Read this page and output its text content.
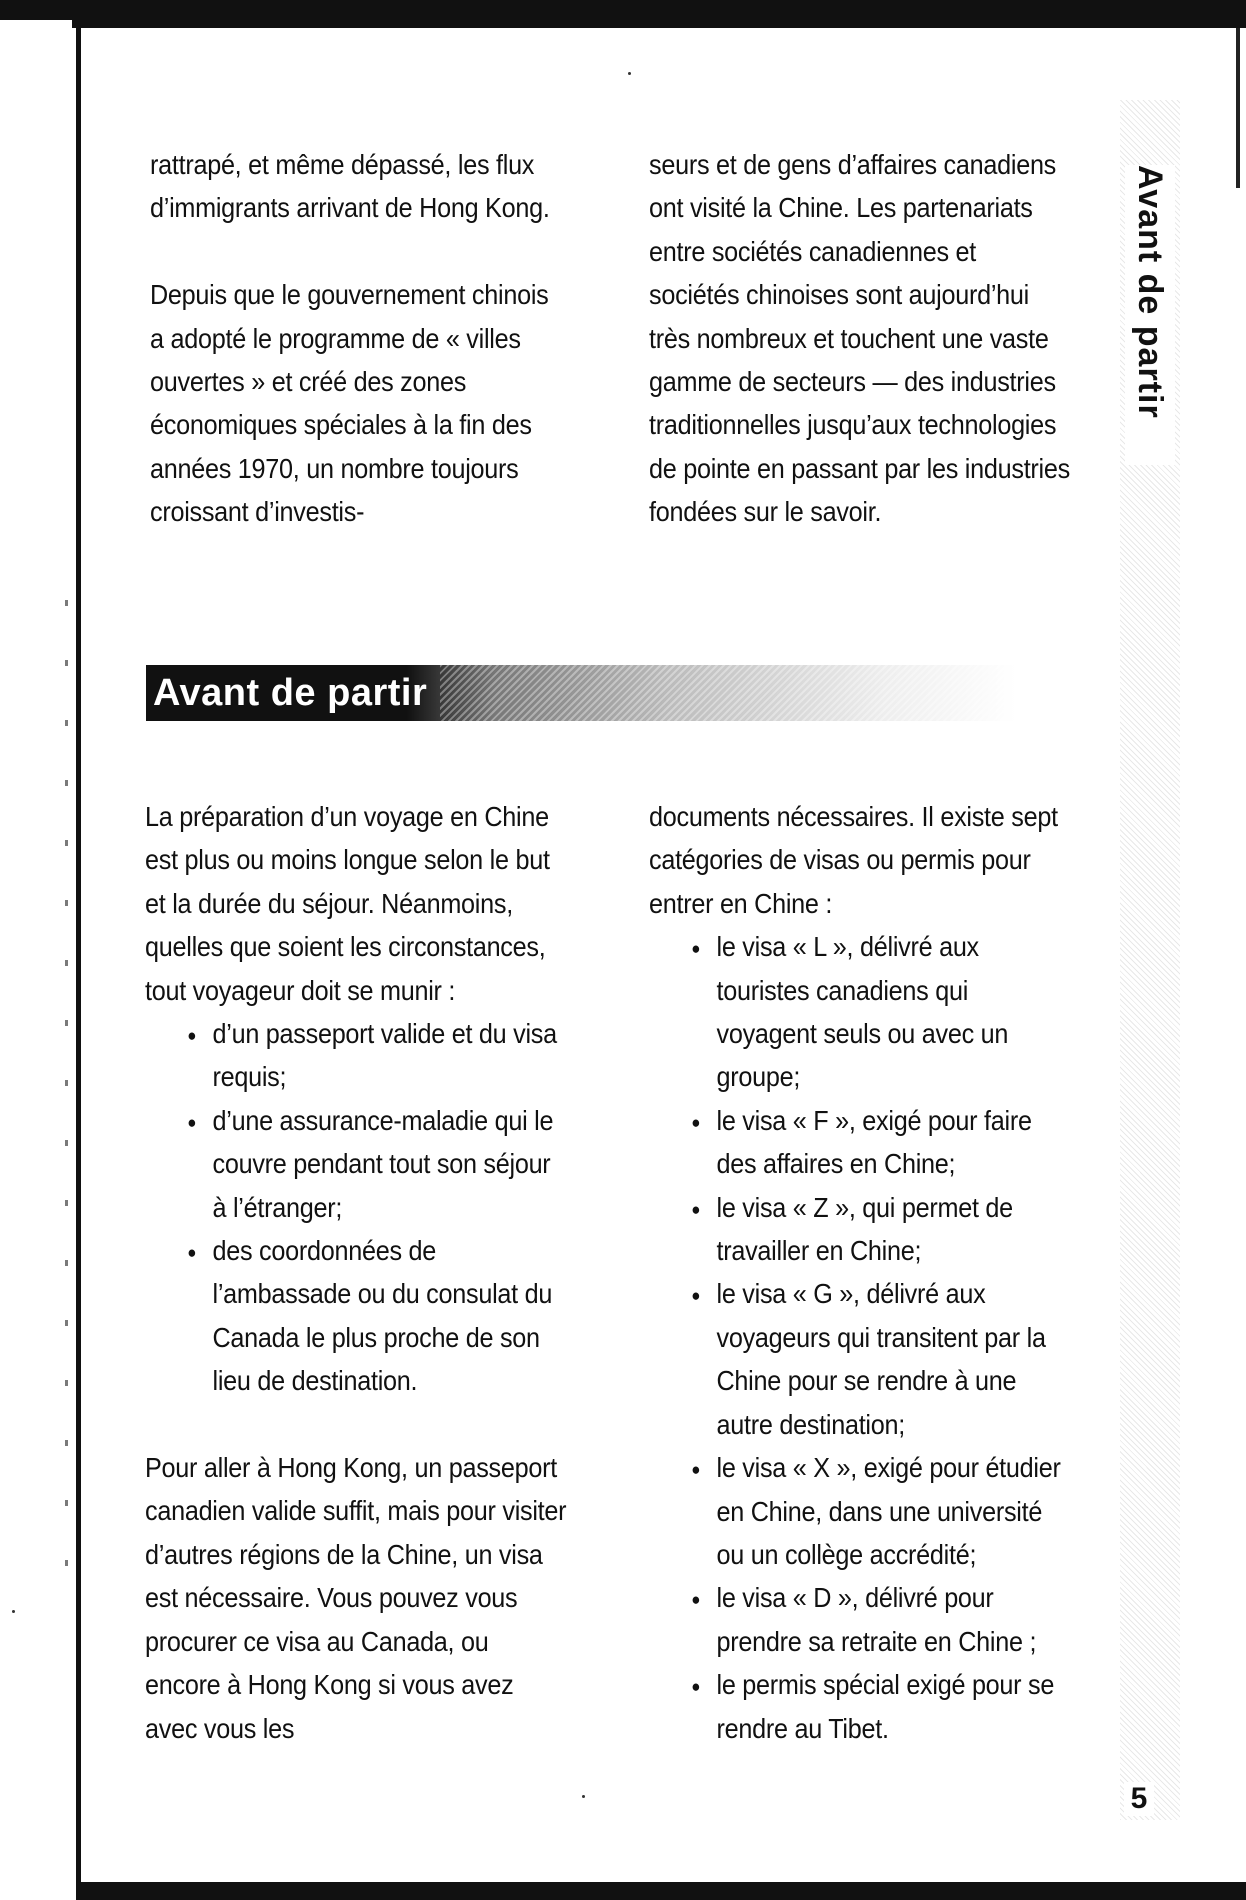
Avant de partir
5

rattrapé, et même dépassé, les flux d’immigrants arrivant de Hong Kong.

Depuis que le gouvernement chinois a adopté le programme de « villes ouvertes » et créé des zones économiques spéciales à la fin des années 1970, un nombre toujours croissant d’investis-

seurs et de gens d’affaires canadiens ont visité la Chine. Les partenariats entre sociétés canadiennes et sociétés chinoises sont aujourd’hui très nombreux et touchent une vaste gamme de secteurs — des industries traditionnelles jusqu’aux technologies de pointe en passant par les industries fondées sur le savoir.

Avant de partir

La préparation d’un voyage en Chine est plus ou moins longue selon le but et la durée du séjour. Néanmoins, quelles que soient les circonstances, tout voyageur doit se munir :

● d’un passeport valide et du visa requis;
● d’une assurance-maladie qui le couvre pendant tout son séjour à l’étranger;
● des coordonnées de l’ambassade ou du consulat du Canada le plus proche de son lieu de destination.

Pour aller à Hong Kong, un passeport canadien valide suffit, mais pour visiter d’autres régions de la Chine, un visa est nécessaire. Vous pouvez vous procurer ce visa au Canada, ou encore à Hong Kong si vous avez avec vous les

documents nécessaires. Il existe sept catégories de visas ou permis pour entrer en Chine :

● le visa « L », délivré aux touristes canadiens qui voyagent seuls ou avec un groupe;
● le visa « F », exigé pour faire des affaires en Chine;
● le visa « Z », qui permet de travailler en Chine;
● le visa « G », délivré aux voyageurs qui transitent par la Chine pour se rendre à une autre destination;
● le visa « X », exigé pour étudier en Chine, dans une université ou un collège accrédité;
● le visa « D », délivré pour prendre sa retraite en Chine ;
● le permis spécial exigé pour se rendre au Tibet.
